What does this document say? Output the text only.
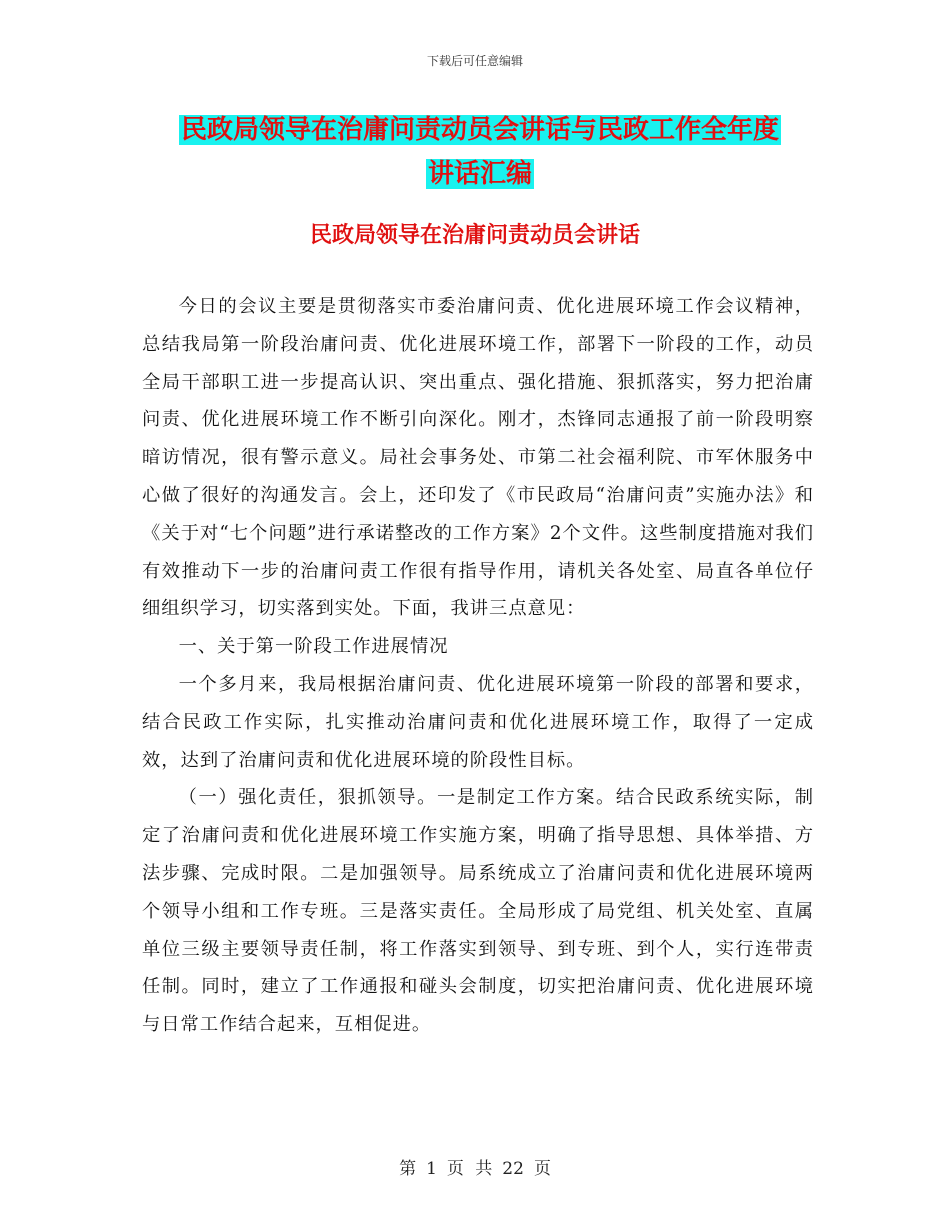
下载后可任意编辑
民政局领导在治庸问责动员会讲话与民政工作全年度
讲话汇编
民政局领导在治庸问责动员会讲话

今日的会议主要是贯彻落实市委治庸问责、优化进展环境工作会议精神，总结我局第一阶段治庸问责、优化进展环境工作，部署下一阶段的工作，动员全局干部职工进一步提高认识、突出重点、强化措施、狠抓落实，努力把治庸问责、优化进展环境工作不断引向深化。刚才，杰锋同志通报了前一阶段明察暗访情况，很有警示意义。局社会事务处、市第二社会福利院、市军休服务中心做了很好的沟通发言。会上，还印发了《市民政局“治庸问责”实施办法》和《关于对“七个问题”进行承诺整改的工作方案》2个文件。这些制度措施对我们有效推动下一步的治庸问责工作很有指导作用，请机关各处室、局直各单位仔细组织学习，切实落到实处。下面，我讲三点意见：

一、关于第一阶段工作进展情况

一个多月来，我局根据治庸问责、优化进展环境第一阶段的部署和要求，结合民政工作实际，扎实推动治庸问责和优化进展环境工作，取得了一定成效，达到了治庸问责和优化进展环境的阶段性目标。

（一）强化责任，狠抓领导。一是制定工作方案。结合民政系统实际，制定了治庸问责和优化进展环境工作实施方案，明确了指导思想、具体举措、方法步骤、完成时限。二是加强领导。局系统成立了治庸问责和优化进展环境两个领导小组和工作专班。三是落实责任。全局形成了局党组、机关处室、直属单位三级主要领导责任制，将工作落实到领导、到专班、到个人，实行连带责任制。同时，建立了工作通报和碰头会制度，切实把治庸问责、优化进展环境与日常工作结合起来，互相促进。

第 1 页 共 22 页
